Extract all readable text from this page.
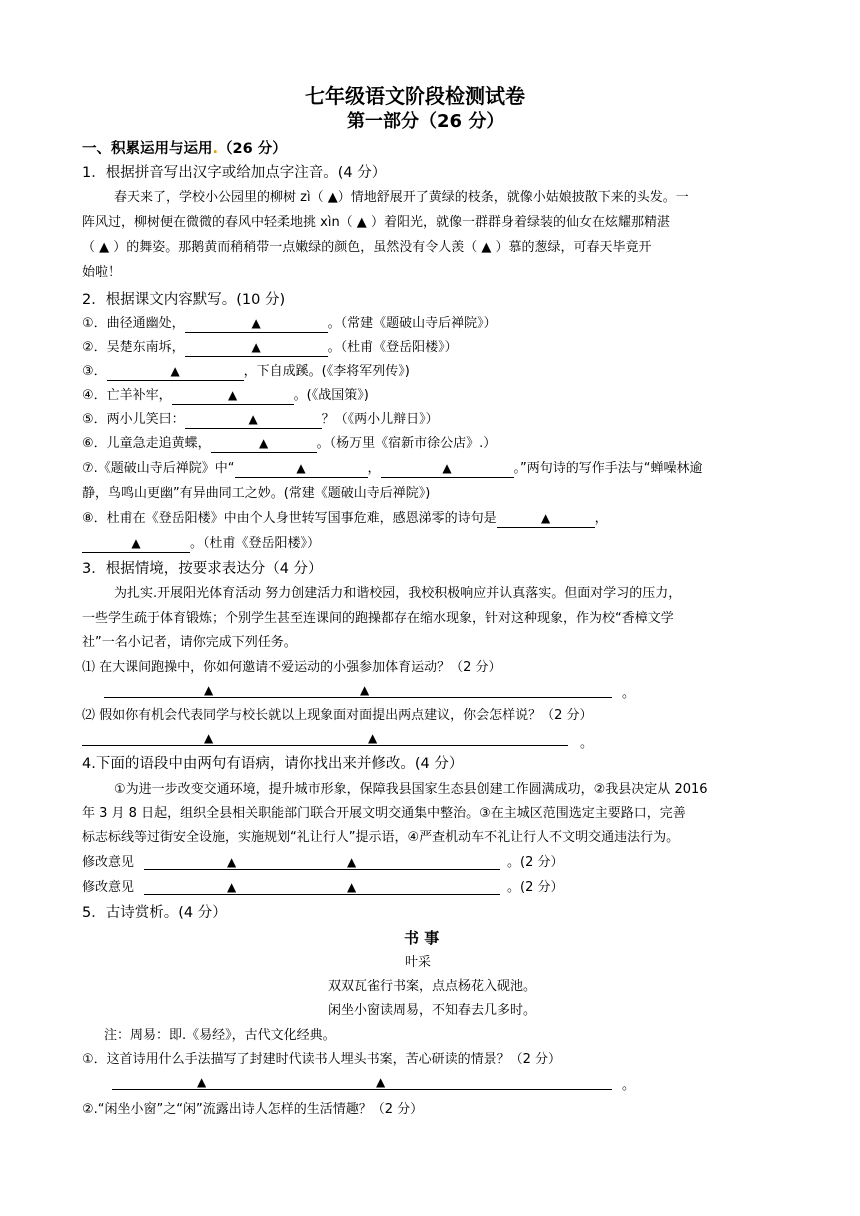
七年级语文阶段检测试卷
第一部分（26 分）
一、积累运用与运用.（26 分）
1．根据拼音写出汉字或给加点字注音。(4 分）
春天来了，学校小公园里的柳树 zì（ ▲）情地舒展开了黄绿的枝条，就像小姑娘披散下来的头发。一
阵风过，柳树便在微微的春风中轻柔地挑 xìn（ ▲ ）着阳光，就像一群群身着绿装的仙女在炫耀那精湛
（ ▲ ）的舞姿。那鹅黄而稍稍带一点嫩绿的颜色，虽然没有令人羡（ ▲ ）慕的葱绿，可春天毕竟开
始啦！
2．根据课文内容默写。(10 分)
①．曲径通幽处，	▲	。（常建《题破山寺后禅院》）
②．吴楚东南坼，	▲	。（杜甫《登岳阳楼》）
③．	▲	，下自成蹊。(《李将军列传》)
④．亡羊补牢，	▲	。(《战国策》)
⑤．两小儿笑曰：	▲	？（《两小儿辩日》）
⑥．儿童急走追黄蝶，	▲	。（杨万里《宿新市徐公店》.）
⑦.《题破山寺后禅院》中“	▲	，	▲	。”两句诗的写作手法与“蝉噪林逾
静，鸟鸣山更幽”有异曲同工之妙。(常建《题破山寺后禅院》)
⑧．杜甫在《登岳阳楼》中由个人身世转写国事危难，感恩涕零的诗句是	▲	，
▲	。（杜甫《登岳阳楼》）
3．根据情境，按要求表达分（4 分）
为扎实.开展阳光体育活动 努力创建活力和谐校园，我校积极响应并认真落实。但面对学习的压力，
一些学生疏于体育锻炼；个别学生甚至连课间的跑操都存在缩水现象，针对这种现象，作为校“香樟文学
社”一名小记者，请你完成下列任务。
⑴ 在大课间跑操中，你如何邀请不爱运动的小强参加体育运动？（2 分）
▲	▲	。
⑵ 假如你有机会代表同学与校长就以上现象面对面提出两点建议，你会怎样说？（2 分）
▲	▲	。
4.下面的语段中由两句有语病，请你找出来并修改。(4 分）
①为进一步改变交通环境，提升城市形象，保障我县国家生态县创建工作圆满成功，②我县决定从 2016
年 3 月 8 日起，组织全县相关职能部门联合开展文明交通集中整治。③在主城区范围选定主要路口，完善
标志标线等过街安全设施，实施规划“礼让行人”提示语，④严查机动车不礼让行人不文明交通违法行为。
修改意见	▲	▲	。(2 分）
修改意见	▲	▲	。(2 分）
5．古诗赏析。(4 分）
书 事
叶采
双双瓦雀行书案，点点杨花入砚池。
闲坐小窗读周易，不知春去几多时。
注：周易：即.《易经》，古代文化经典。
①．这首诗用什么手法描写了封建时代读书人埋头书案，苦心研读的情景？（2 分）
▲	▲	。
②.“闲坐小窗”之“闲”流露出诗人怎样的生活情趣？（2 分）
